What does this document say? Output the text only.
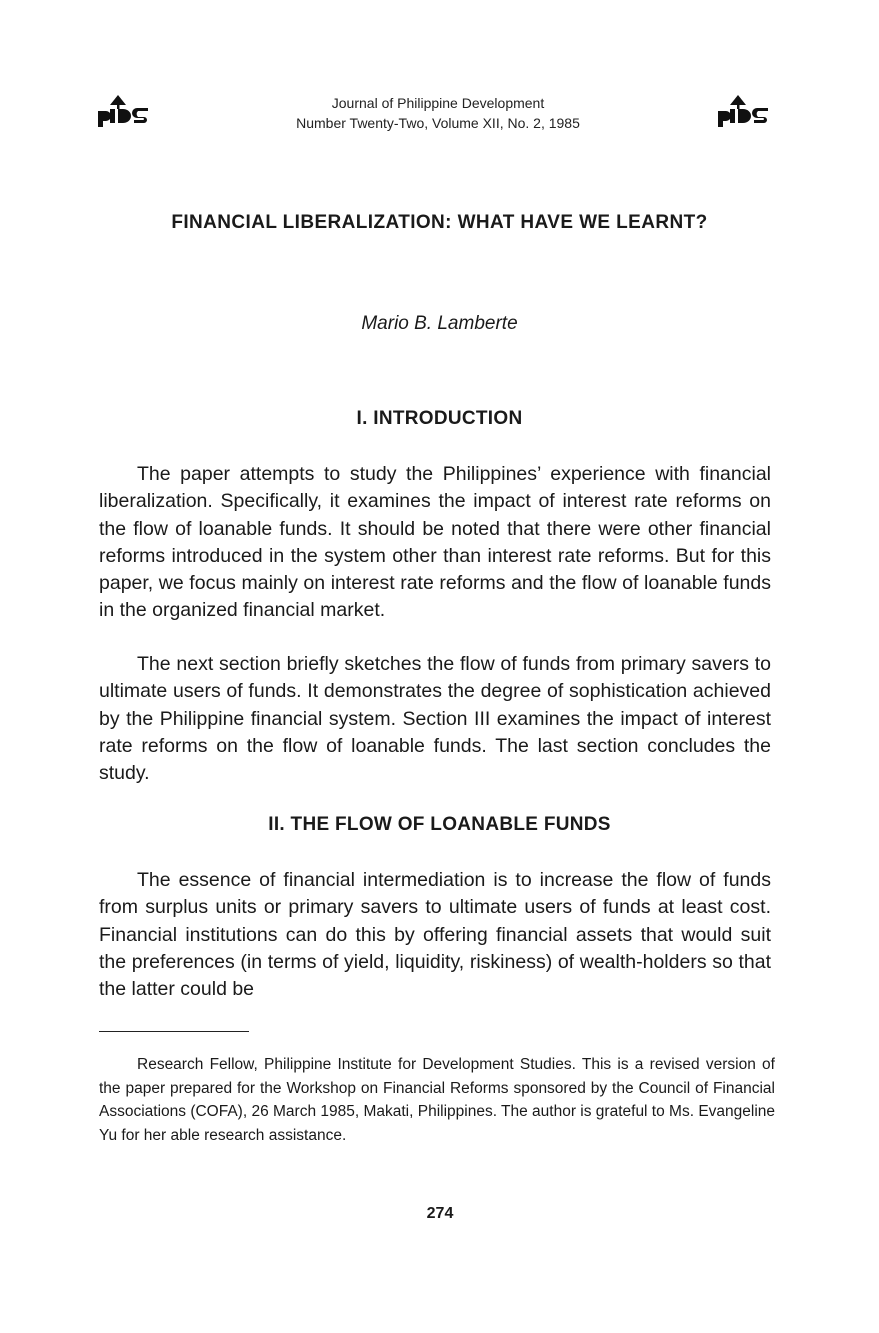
Journal of Philippine Development
Number Twenty-Two, Volume XII, No. 2, 1985
FINANCIAL LIBERALIZATION: WHAT HAVE WE LEARNT?
Mario B. Lamberte
I. INTRODUCTION

The paper attempts to study the Philippines’ experience with financial liberalization. Specifically, it examines the impact of interest rate reforms on the flow of loanable funds. It should be noted that there were other financial reforms introduced in the system other than interest rate reforms. But for this paper, we focus mainly on interest rate reforms and the flow of loanable funds in the organized financial market.

The next section briefly sketches the flow of funds from primary savers to ultimate users of funds. It demonstrates the degree of sophistication achieved by the Philippine financial system. Section III examines the impact of interest rate reforms on the flow of loanable funds. The last section concludes the study.

II. THE FLOW OF LOANABLE FUNDS

The essence of financial intermediation is to increase the flow of funds from surplus units or primary savers to ultimate users of funds at least cost. Financial institutions can do this by offering financial assets that would suit the preferences (in terms of yield, liquidity, riskiness) of wealth-holders so that the latter could be

Research Fellow, Philippine Institute for Development Studies. This is a revised version of the paper prepared for the Workshop on Financial Reforms sponsored by the Council of Financial Associations (COFA), 26 March 1985, Makati, Philippines. The author is grateful to Ms. Evangeline Yu for her able research assistance.

274
